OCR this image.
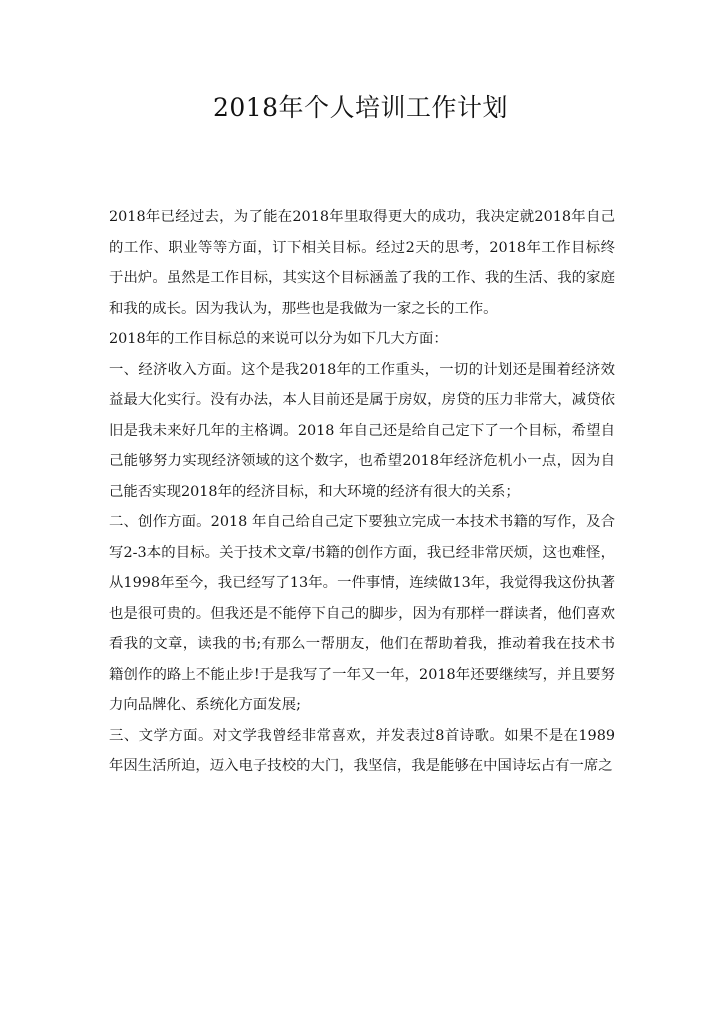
2018年个人培训工作计划

2018年已经过去，为了能在2018年里取得更大的成功，我决定就2018年自己的工作、职业等等方面，订下相关目标。经过2天的思考，2018年工作目标终于出炉。虽然是工作目标，其实这个目标涵盖了我的工作、我的生活、我的家庭和我的成长。因为我认为，那些也是我做为一家之长的工作。

2018年的工作目标总的来说可以分为如下几大方面：

一、经济收入方面。这个是我2018年的工作重头，一切的计划还是围着经济效益最大化实行。没有办法，本人目前还是属于房奴，房贷的压力非常大，减贷依旧是我未来好几年的主格调。2018 年自己还是给自己定下了一个目标，希望自己能够努力实现经济领域的这个数字，也希望2018年经济危机小一点，因为自己能否实现2018年的经济目标，和大环境的经济有很大的关系；

二、创作方面。2018 年自己给自己定下要独立完成一本技术书籍的写作，及合写2-3本的目标。关于技术文章/书籍的创作方面，我已经非常厌烦，这也难怪，从1998年至今，我已经写了13年。一件事情，连续做13年，我觉得我这份执著也是很可贵的。但我还是不能停下自己的脚步，因为有那样一群读者，他们喜欢看我的文章，读我的书;有那么一帮朋友，他们在帮助着我，推动着我在技术书籍创作的路上不能止步!于是我写了一年又一年，2018年还要继续写，并且要努力向品牌化、系统化方面发展;

三、文学方面。对文学我曾经非常喜欢，并发表过8首诗歌。如果不是在1989年因生活所迫，迈入电子技校的大门，我坚信，我是能够在中国诗坛占有一席之
